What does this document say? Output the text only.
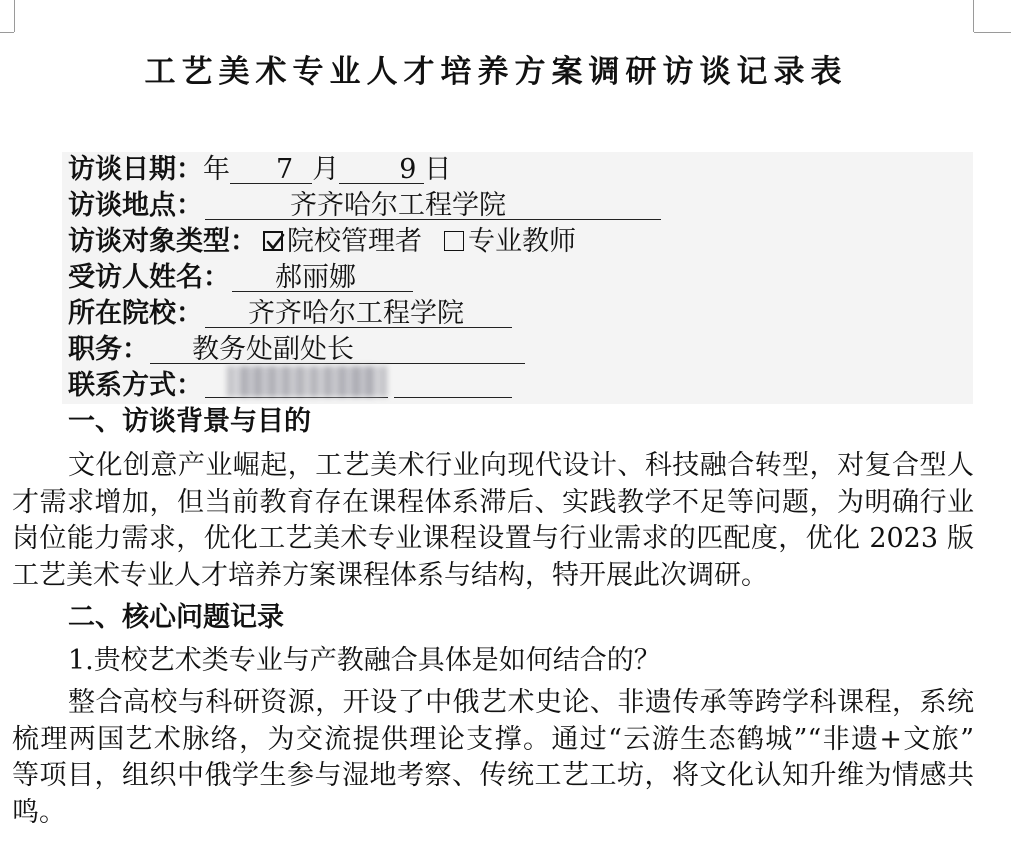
工艺美术专业人才培养方案调研访谈记录表
访谈日期：年 7 月 9 日
访谈地点：	齐齐哈尔工程学院
访谈对象类型： 院校管理者 专业教师
受访人姓名： 郝丽娜
所在院校： 齐齐哈尔工程学院
职务： 教务处副处长
联系方式：
一、访谈背景与目的
文化创意产业崛起，工艺美术行业向现代设计、科技融合转型，对复合型人
才需求增加，但当前教育存在课程体系滞后、实践教学不足等问题，为明确行业
岗位能力需求，优化工艺美术专业课程设置与行业需求的匹配度，优化 2023 版
工艺美术专业人才培养方案课程体系与结构，特开展此次调研。
二、核心问题记录
1.贵校艺术类专业与产教融合具体是如何结合的？
整合高校与科研资源，开设了中俄艺术史论、非遗传承等跨学科课程，系统
梳理两国艺术脉络，为交流提供理论支撑。通过“云游生态鹤城”“非遗+文旅”
等项目，组织中俄学生参与湿地考察、传统工艺工坊，将文化认知升维为情感共
鸣。
